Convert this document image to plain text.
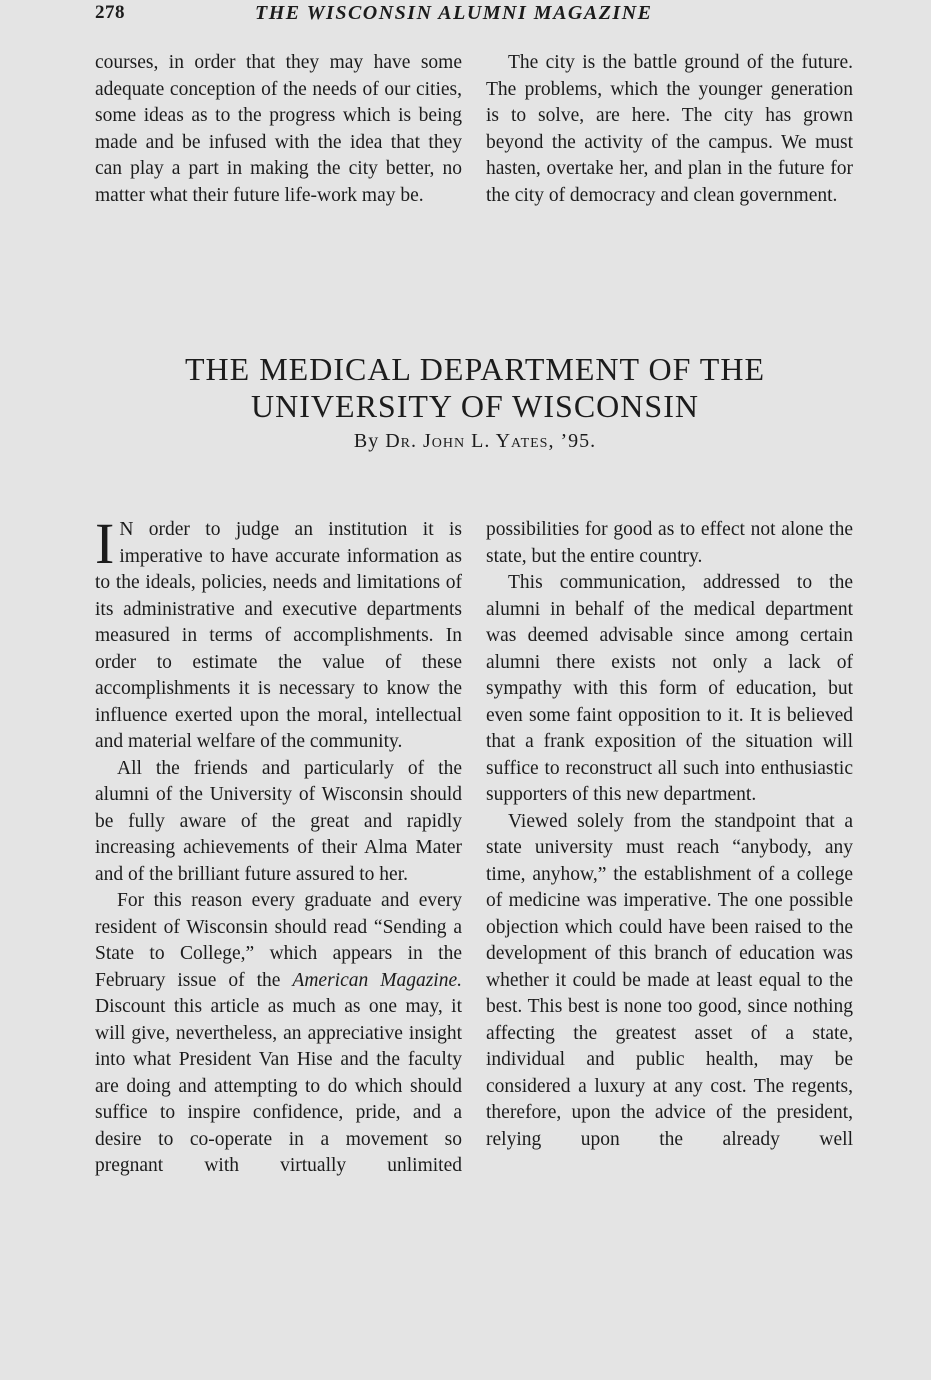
278	THE WISCONSIN ALUMNI MAGAZINE

courses, in order that they may have some adequate conception of the needs of our cities, some ideas as to the progress which is being made and be infused with the idea that they can play a part in making the city better, no matter what their future life-work may be.

The city is the battle ground of the future. The problems, which the younger generation is to solve, are here. The city has grown beyond the activity of the campus. We must hasten, overtake her, and plan in the future for the city of democracy and clean government.

THE MEDICAL DEPARTMENT OF THE
UNIVERSITY OF WISCONSIN
By Dr. John L. Yates, ’95.

I N order to judge an institution it is imperative to have accurate information as to the ideals, policies, needs and limitations of its administrative and executive departments measured in terms of accomplishments. In order to estimate the value of these accomplishments it is necessary to know the influence exerted upon the moral, intellectual and material welfare of the community.

All the friends and particularly of the alumni of the University of Wisconsin should be fully aware of the great and rapidly increasing achievements of their Alma Mater and of the brilliant future assured to her.

For this reason every graduate and every resident of Wisconsin should read “Sending a State to College,” which appears in the February issue of the American Magazine. Discount this article as much as one may, it will give, nevertheless, an appreciative insight into what President Van Hise and the faculty are doing and attempting to do which should suffice to inspire confidence, pride, and a desire to co-operate in a movement so pregnant with virtually unlimited

possibilities for good as to effect not alone the state, but the entire country.

This communication, addressed to the alumni in behalf of the medical department was deemed advisable since among certain alumni there exists not only a lack of sympathy with this form of education, but even some faint opposition to it. It is believed that a frank exposition of the situation will suffice to reconstruct all such into enthusiastic supporters of this new department.

Viewed solely from the standpoint that a state university must reach “anybody, any time, anyhow,” the establishment of a college of medicine was imperative. The one possible objection which could have been raised to the development of this branch of education was whether it could be made at least equal to the best. This best is none too good, since nothing affecting the greatest asset of a state, individual and public health, may be considered a luxury at any cost. The regents, therefore, upon the advice of the president, relying upon the already well
